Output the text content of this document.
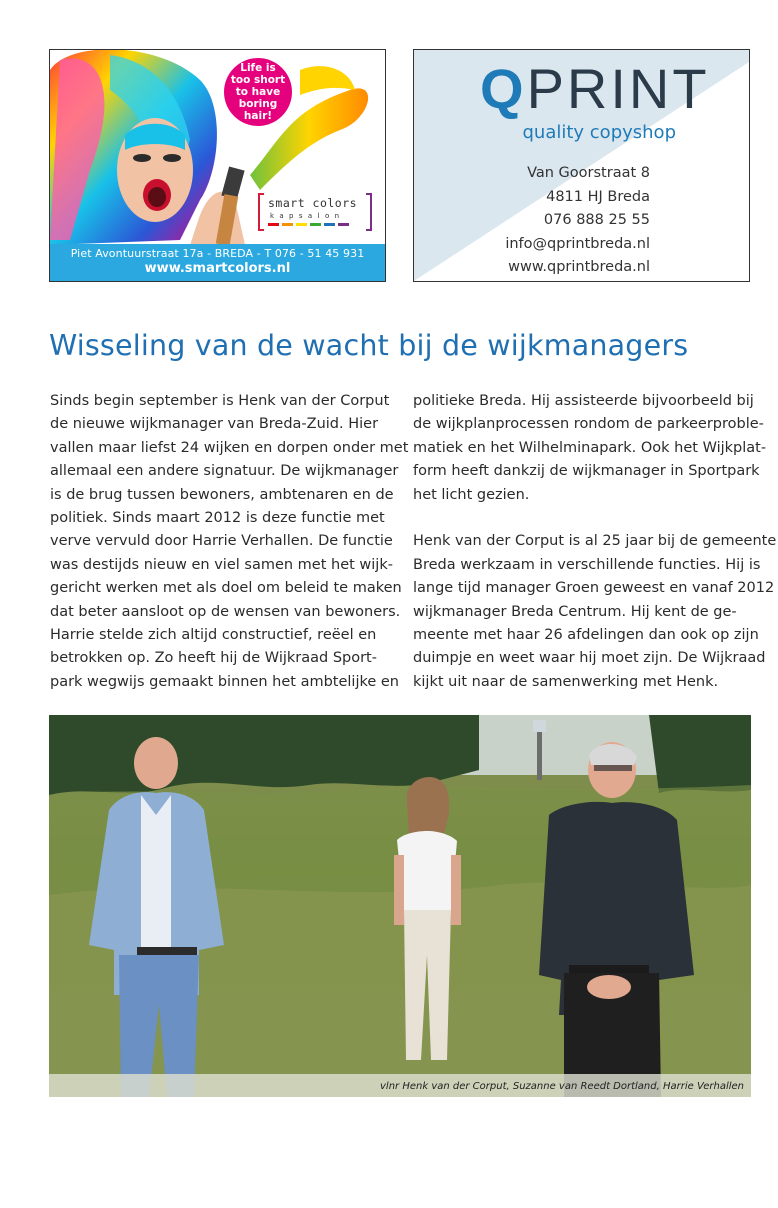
Life is
too short
to have boring
hair!
smart colors
kapsalon
Piet Avontuurstraat 17a - BREDA - T 076 - 51 45 931
www.smartcolors.nl
QPRINT
quality copyshop
Van Goorstraat 8
4811 HJ Breda
076 888 25 55
info@qprintbreda.nl
www.qprintbreda.nl
Wisseling van de wacht bij de wijkmanagers

Sinds begin september is Henk van der Corput

de nieuwe wijkmanager van Breda-Zuid. Hier

vallen maar liefst 24 wijken en dorpen onder met

allemaal een andere signatuur. De wijkmanager

is de brug tussen bewoners, ambtenaren en de

politiek. Sinds maart 2012 is deze functie met

verve vervuld door Harrie Verhallen. De functie

was destijds nieuw en viel samen met het wijk-

gericht werken met als doel om beleid te maken

dat beter aansloot op de wensen van bewoners.

Harrie stelde zich altijd constructief, reëel en

betrokken op. Zo heeft hij de Wijkraad Sport-

park wegwijs gemaakt binnen het ambtelijke en

politieke Breda. Hij assisteerde bijvoorbeeld bij

de wijkplanprocessen rondom de parkeerproble-

matiek en het Wilhelminapark. Ook het Wijkplat-

form heeft dankzij de wijkmanager in Sportpark

het licht gezien.

Henk van der Corput is al 25 jaar bij de gemeente

Breda werkzaam in verschillende functies. Hij is

lange tijd manager Groen geweest en vanaf 2012

wijkmanager Breda Centrum. Hij kent de ge-

meente met haar 26 afdelingen dan ook op zijn

duimpje en weet waar hij moet zijn. De Wijkraad

kijkt uit naar de samenwerking met Henk.

vlnr Henk van der Corput, Suzanne van Reedt Dortland, Harrie Verhallen
